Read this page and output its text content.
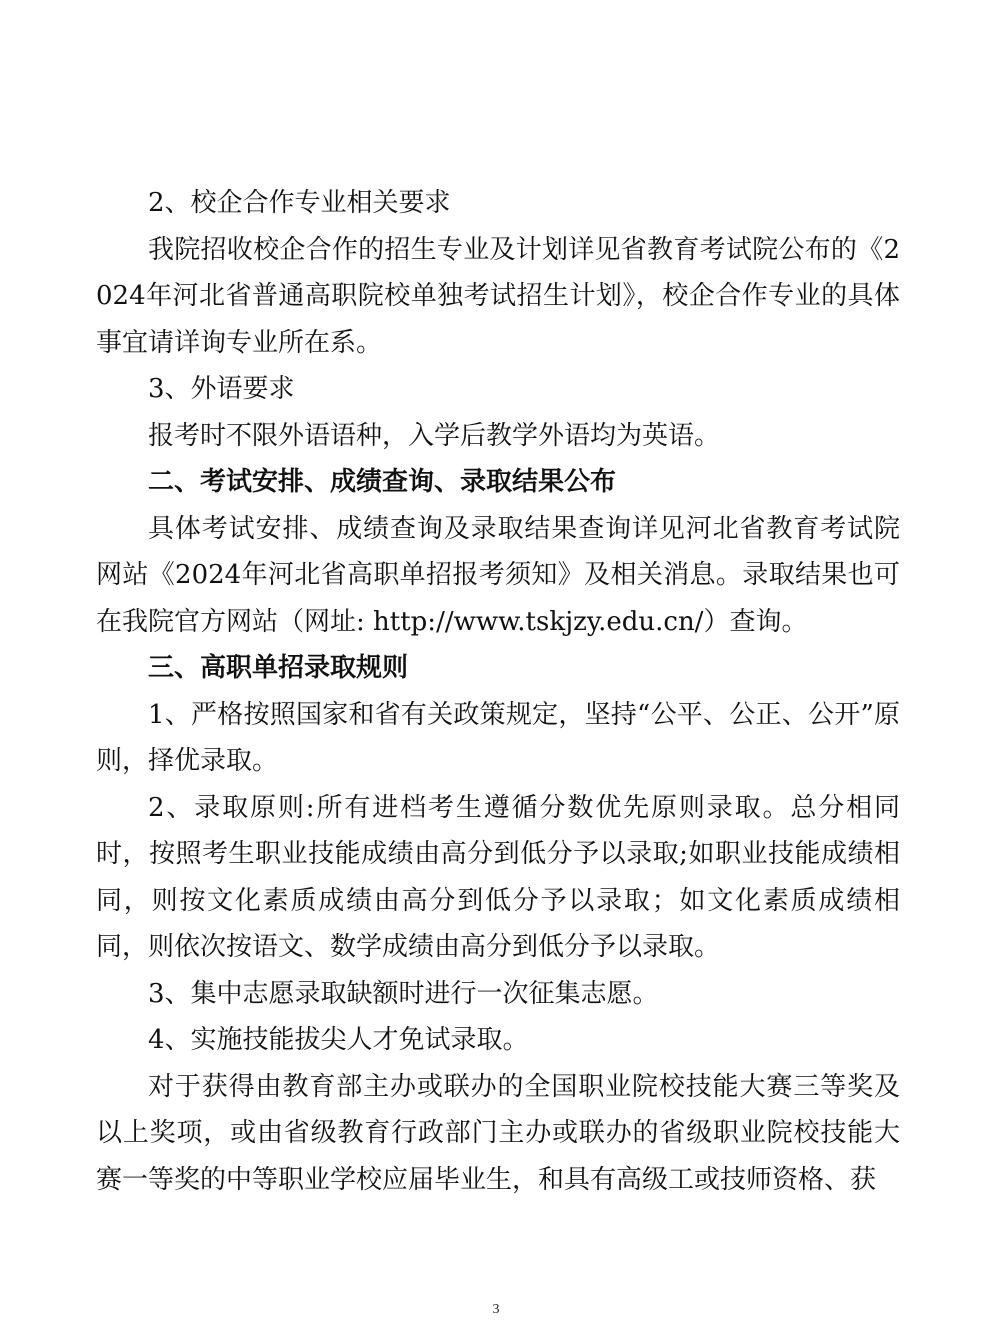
2、校企合作专业相关要求

我院招收校企合作的招生专业及计划详见省教育考试院公布的《2024年河北省普通高职院校单独考试招生计划》，校企合作专业的具体事宜请详询专业所在系。

3、外语要求

报考时不限外语语种，入学后教学外语均为英语。

二、考试安排、成绩查询、录取结果公布

具体考试安排、成绩查询及录取结果查询详见河北省教育考试院网站《2024年河北省高职单招报考须知》及相关消息。录取结果也可在我院官方网站（网址: http://www.tskjzy.edu.cn/）查询。

三、高职单招录取规则

1、严格按照国家和省有关政策规定，坚持“公平、公正、公开”原则，择优录取。

2、录取原则:所有进档考生遵循分数优先原则录取。总分相同时，按照考生职业技能成绩由高分到低分予以录取;如职业技能成绩相同，则按文化素质成绩由高分到低分予以录取；如文化素质成绩相同，则依次按语文、数学成绩由高分到低分予以录取。

3、集中志愿录取缺额时进行一次征集志愿。

4、实施技能拔尖人才免试录取。

对于获得由教育部主办或联办的全国职业院校技能大赛三等奖及以上奖项，或由省级教育行政部门主办或联办的省级职业院校技能大赛一等奖的中等职业学校应届毕业生，和具有高级工或技师资格、获

3
